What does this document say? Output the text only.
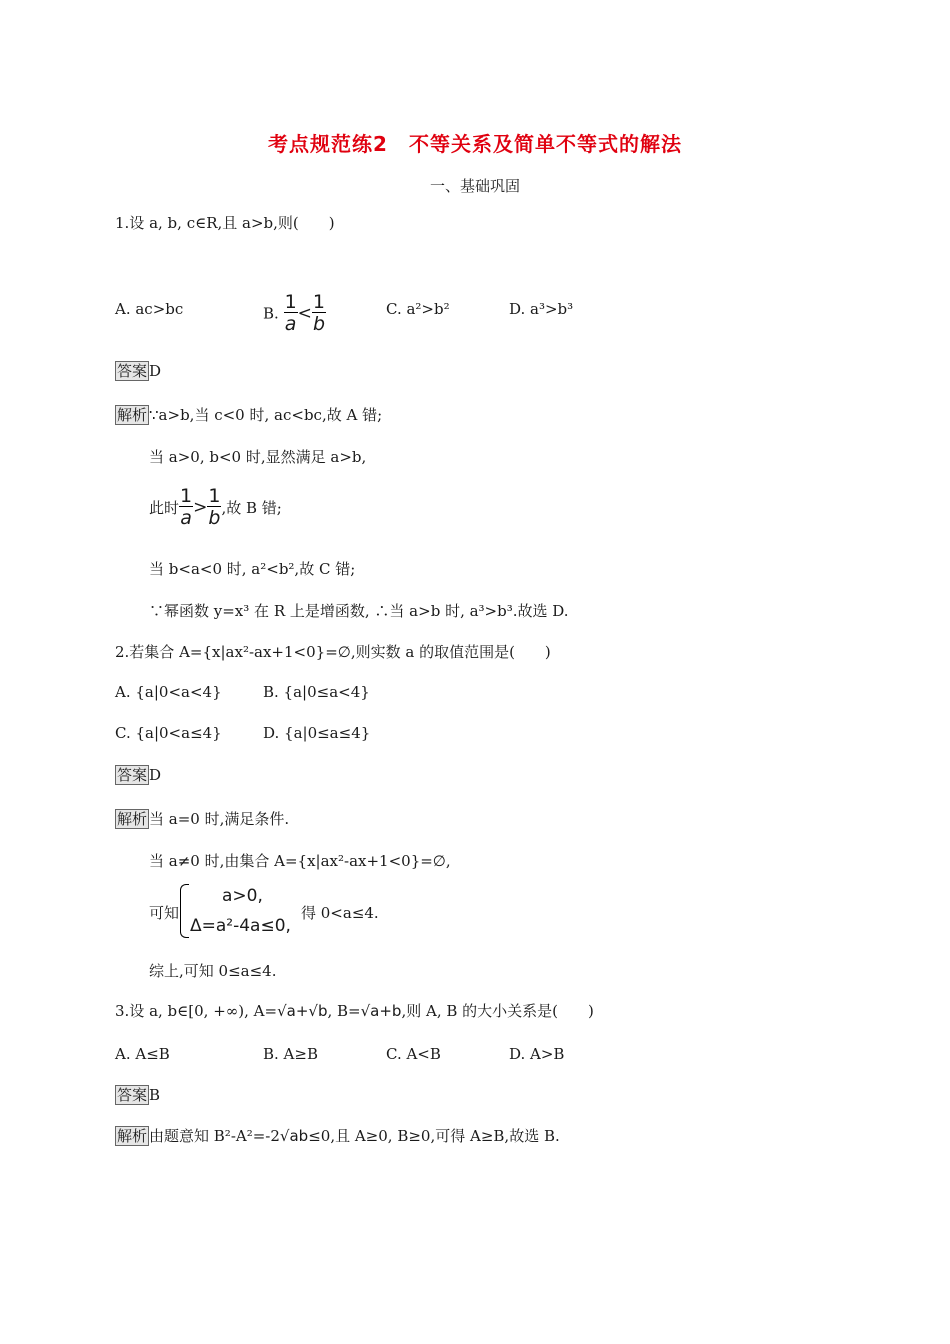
考点规范练2　不等关系及简单不等式的解法
一、基础巩固
1.设 a, b, c∈R,且 a>b,则(　　)
A. ac>bc	B. $\frac{1}{a} < \frac{1}{b}$	C. a²>b²	D. a³>b³
答案 D
解析 ∵a>b,当 c<0 时, ac<bc,故 A 错;
当 a>0, b<0 时,显然满足 a>b,
此时 $\frac{1}{a} > \frac{1}{b}$ ,故 B 错;
当 b<a<0 时, a²<b²,故 C 错;
∵幂函数 y=x³ 在 R 上是增函数, ∴当 a>b 时, a³>b³.故选 D.
2.若集合 A={x|ax²-ax+1<0}=∅,则实数 a 的取值范围是(　　)
A. {a|0<a<4}	B. {a|0≤a<4}
C. {a|0<a≤4}	D. {a|0≤a≤4}
答案 D
解析 当 a=0 时,满足条件.
当 a≠0 时,由集合 A={x|ax²-ax+1<0}=∅,
可知
a>0,
Δ=a²-4a≤0,
得 0<a≤4.
综上,可知 0≤a≤4.
3.设 a, b∈[0, +∞), A=√a+√b, B=√a+b,则 A, B 的大小关系是(　　)
A. A≤B	B. A≥B	C. A<B	D. A>B
答案 B
解析 由题意知 B²-A²=-2√ab≤0,且 A≥0, B≥0,可得 A≥B,故选 B.
